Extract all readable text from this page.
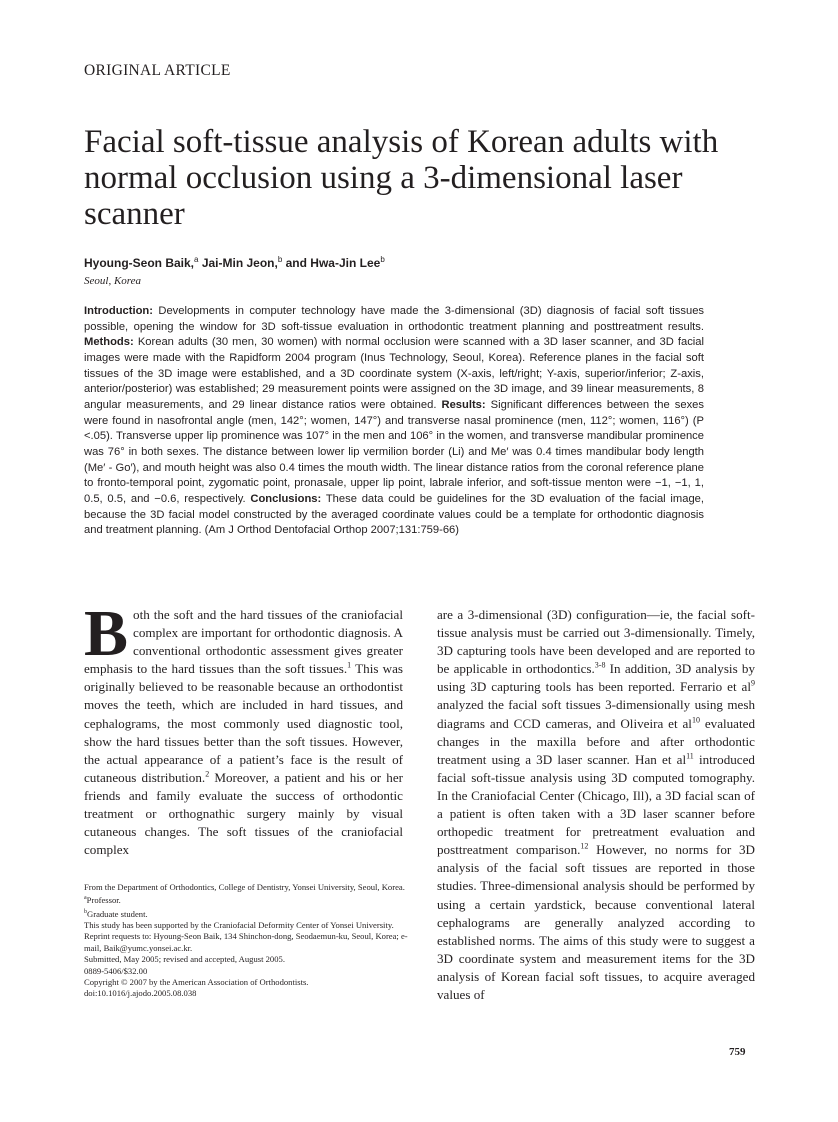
ORIGINAL ARTICLE
Facial soft-tissue analysis of Korean adults with normal occlusion using a 3-dimensional laser scanner
Hyoung-Seon Baik,$^a$ Jai-Min Jeon,$^b$ and Hwa-Jin Lee$^b$
Seoul, Korea
Introduction: Developments in computer technology have made the 3-dimensional (3D) diagnosis of facial soft tissues possible, opening the window for 3D soft-tissue evaluation in orthodontic treatment planning and posttreatment results. Methods: Korean adults (30 men, 30 women) with normal occlusion were scanned with a 3D laser scanner, and 3D facial images were made with the Rapidform 2004 program (Inus Technology, Seoul, Korea). Reference planes in the facial soft tissues of the 3D image were established, and a 3D coordinate system (X-axis, left/right; Y-axis, superior/inferior; Z-axis, anterior/posterior) was established; 29 measurement points were assigned on the 3D image, and 39 linear measurements, 8 angular measurements, and 29 linear distance ratios were obtained. Results: Significant differences between the sexes were found in nasofrontal angle (men, 142°; women, 147°) and transverse nasal prominence (men, 112°; women, 116°) (P <.05). Transverse upper lip prominence was 107° in the men and 106° in the women, and transverse mandibular prominence was 76° in both sexes. The distance between lower lip vermilion border (Li) and Me′ was 0.4 times mandibular body length (Me′ - Go′), and mouth height was also 0.4 times the mouth width. The linear distance ratios from the coronal reference plane to fronto-temporal point, zygomatic point, pronasale, upper lip point, labrale inferior, and soft-tissue menton were −1, −1, 1, 0.5, 0.5, and −0.6, respectively. Conclusions: These data could be guidelines for the 3D evaluation of the facial image, because the 3D facial model constructed by the averaged coordinate values could be a template for orthodontic diagnosis and treatment planning. (Am J Orthod Dentofacial Orthop 2007;131:759-66)
Both the soft and the hard tissues of the craniofacial complex are important for orthodontic diagnosis. A conventional orthodontic assessment gives greater emphasis to the hard tissues than the soft tissues.$^1$ This was originally believed to be reasonable because an orthodontist moves the teeth, which are included in hard tissues, and cephalograms, the most commonly used diagnostic tool, show the hard tissues better than the soft tissues. However, the actual appearance of a patient’s face is the result of cutaneous distribution.$^2$ Moreover, a patient and his or her friends and family evaluate the success of orthodontic treatment or orthognathic surgery mainly by visual cutaneous changes. The soft tissues of the craniofacial complex
are a 3-dimensional (3D) configuration—ie, the facial soft-tissue analysis must be carried out 3-dimensionally. Timely, 3D capturing tools have been developed and are reported to be applicable in orthodontics.$^{3-8}$ In addition, 3D analysis by using 3D capturing tools has been reported. Ferrario et $al^9$ analyzed the facial soft tissues 3-dimensionally using mesh diagrams and CCD cameras, and Oliveira et $al^{10}$ evaluated changes in the maxilla before and after orthodontic treatment using a 3D laser scanner. Han et $al^{11}$ introduced facial soft-tissue analysis using 3D computed tomography. In the Craniofacial Center (Chicago, Ill), a 3D facial scan of a patient is often taken with a 3D laser scanner before orthopedic treatment for pretreatment evaluation and posttreatment comparison.$^{12}$ However, no norms for 3D analysis of the facial soft tissues are reported in those studies. Three-dimensional analysis should be performed by using a certain yardstick, because conventional lateral cephalograms are generally analyzed according to established norms. The aims of this study were to suggest a 3D coordinate system and measurement items for the 3D analysis of Korean facial soft tissues, to acquire averaged values of
From the Department of Orthodontics, College of Dentistry, Yonsei University, Seoul, Korea.
$^a$Professor.
$^b$Graduate student.
This study has been supported by the Craniofacial Deformity Center of Yonsei University.
Reprint requests to: Hyoung-Seon Baik, 134 Shinchon-dong, Seodaemun-ku, Seoul, Korea; e-mail, Baik@yumc.yonsei.ac.kr.
Submitted, May 2005; revised and accepted, August 2005.
0889-5406/$32.00
Copyright © 2007 by the American Association of Orthodontists.
doi:10.1016/j.ajodo.2005.08.038
759
